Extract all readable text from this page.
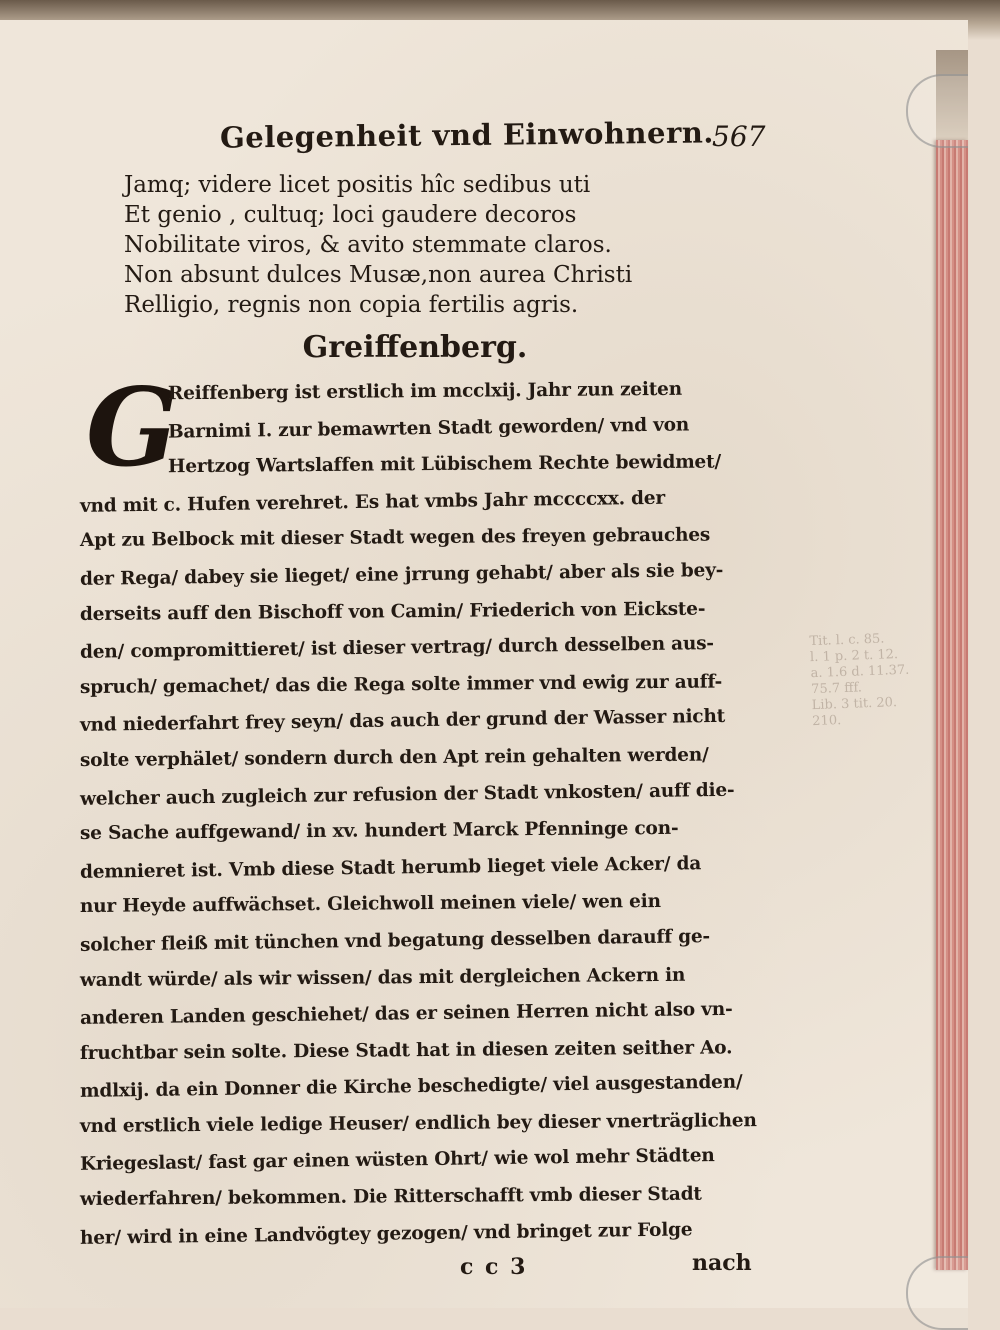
Tit. l. c. 85.
l. 1 p. 2 t. 12.
a. 1.6 d. 11.37.
75.7 fff.
Lib. 3 tit. 20.
210.
Gelegenheit vnd Einwohnern.
567
Jamq; videre licet positis hîc sedibus uti
Et genio , cultuq; loci gaudere decoros
Nobilitate viros, & avito stemmate claros.
Non absunt dulces Musæ,non aurea Christi
Relligio, regnis non copia fertilis agris.
Greiffenberg.
G
Reiffenberg ist erstlich im mcclxij. Jahr zun zeiten
Barnimi I. zur bemawrten Stadt geworden/ vnd von
Hertzog Wartslaffen mit Lübischem Rechte bewidmet/
vnd mit c. Hufen verehret. Es hat vmbs Jahr mccccxx. der
Apt zu Belbock mit dieser Stadt wegen des freyen gebrauches
der Rega/ dabey sie lieget/ eine jrrung gehabt/ aber als sie bey-
derseits auff den Bischoff von Camin/ Friederich von Eickste-
den/ compromittieret/ ist dieser vertrag/ durch desselben aus-
spruch/ gemachet/ das die Rega solte immer vnd ewig zur auff-
vnd niederfahrt frey seyn/ das auch der grund der Wasser nicht
solte verphälet/ sondern durch den Apt rein gehalten werden/
welcher auch zugleich zur refusion der Stadt vnkosten/ auff die-
se Sache auffgewand/ in xv. hundert Marck Pfenninge con-
demnieret ist. Vmb diese Stadt herumb lieget viele Acker/ da
nur Heyde auffwächset. Gleichwoll meinen viele/ wen ein
solcher fleiß mit tünchen vnd begatung desselben darauff ge-
wandt würde/ als wir wissen/ das mit dergleichen Ackern in
anderen Landen geschiehet/ das er seinen Herren nicht also vn-
fruchtbar sein solte. Diese Stadt hat in diesen zeiten seither Ao.
mdlxij. da ein Donner die Kirche beschedigte/ viel ausgestanden/
vnd erstlich viele ledige Heuser/ endlich bey dieser vnerträglichen
Kriegeslast/ fast gar einen wüsten Ohrt/ wie wol mehr Städten
wiederfahren/ bekommen. Die Ritterschafft vmb dieser Stadt
her/ wird in eine Landvögtey gezogen/ vnd bringet zur Folge
c c 3	nach
